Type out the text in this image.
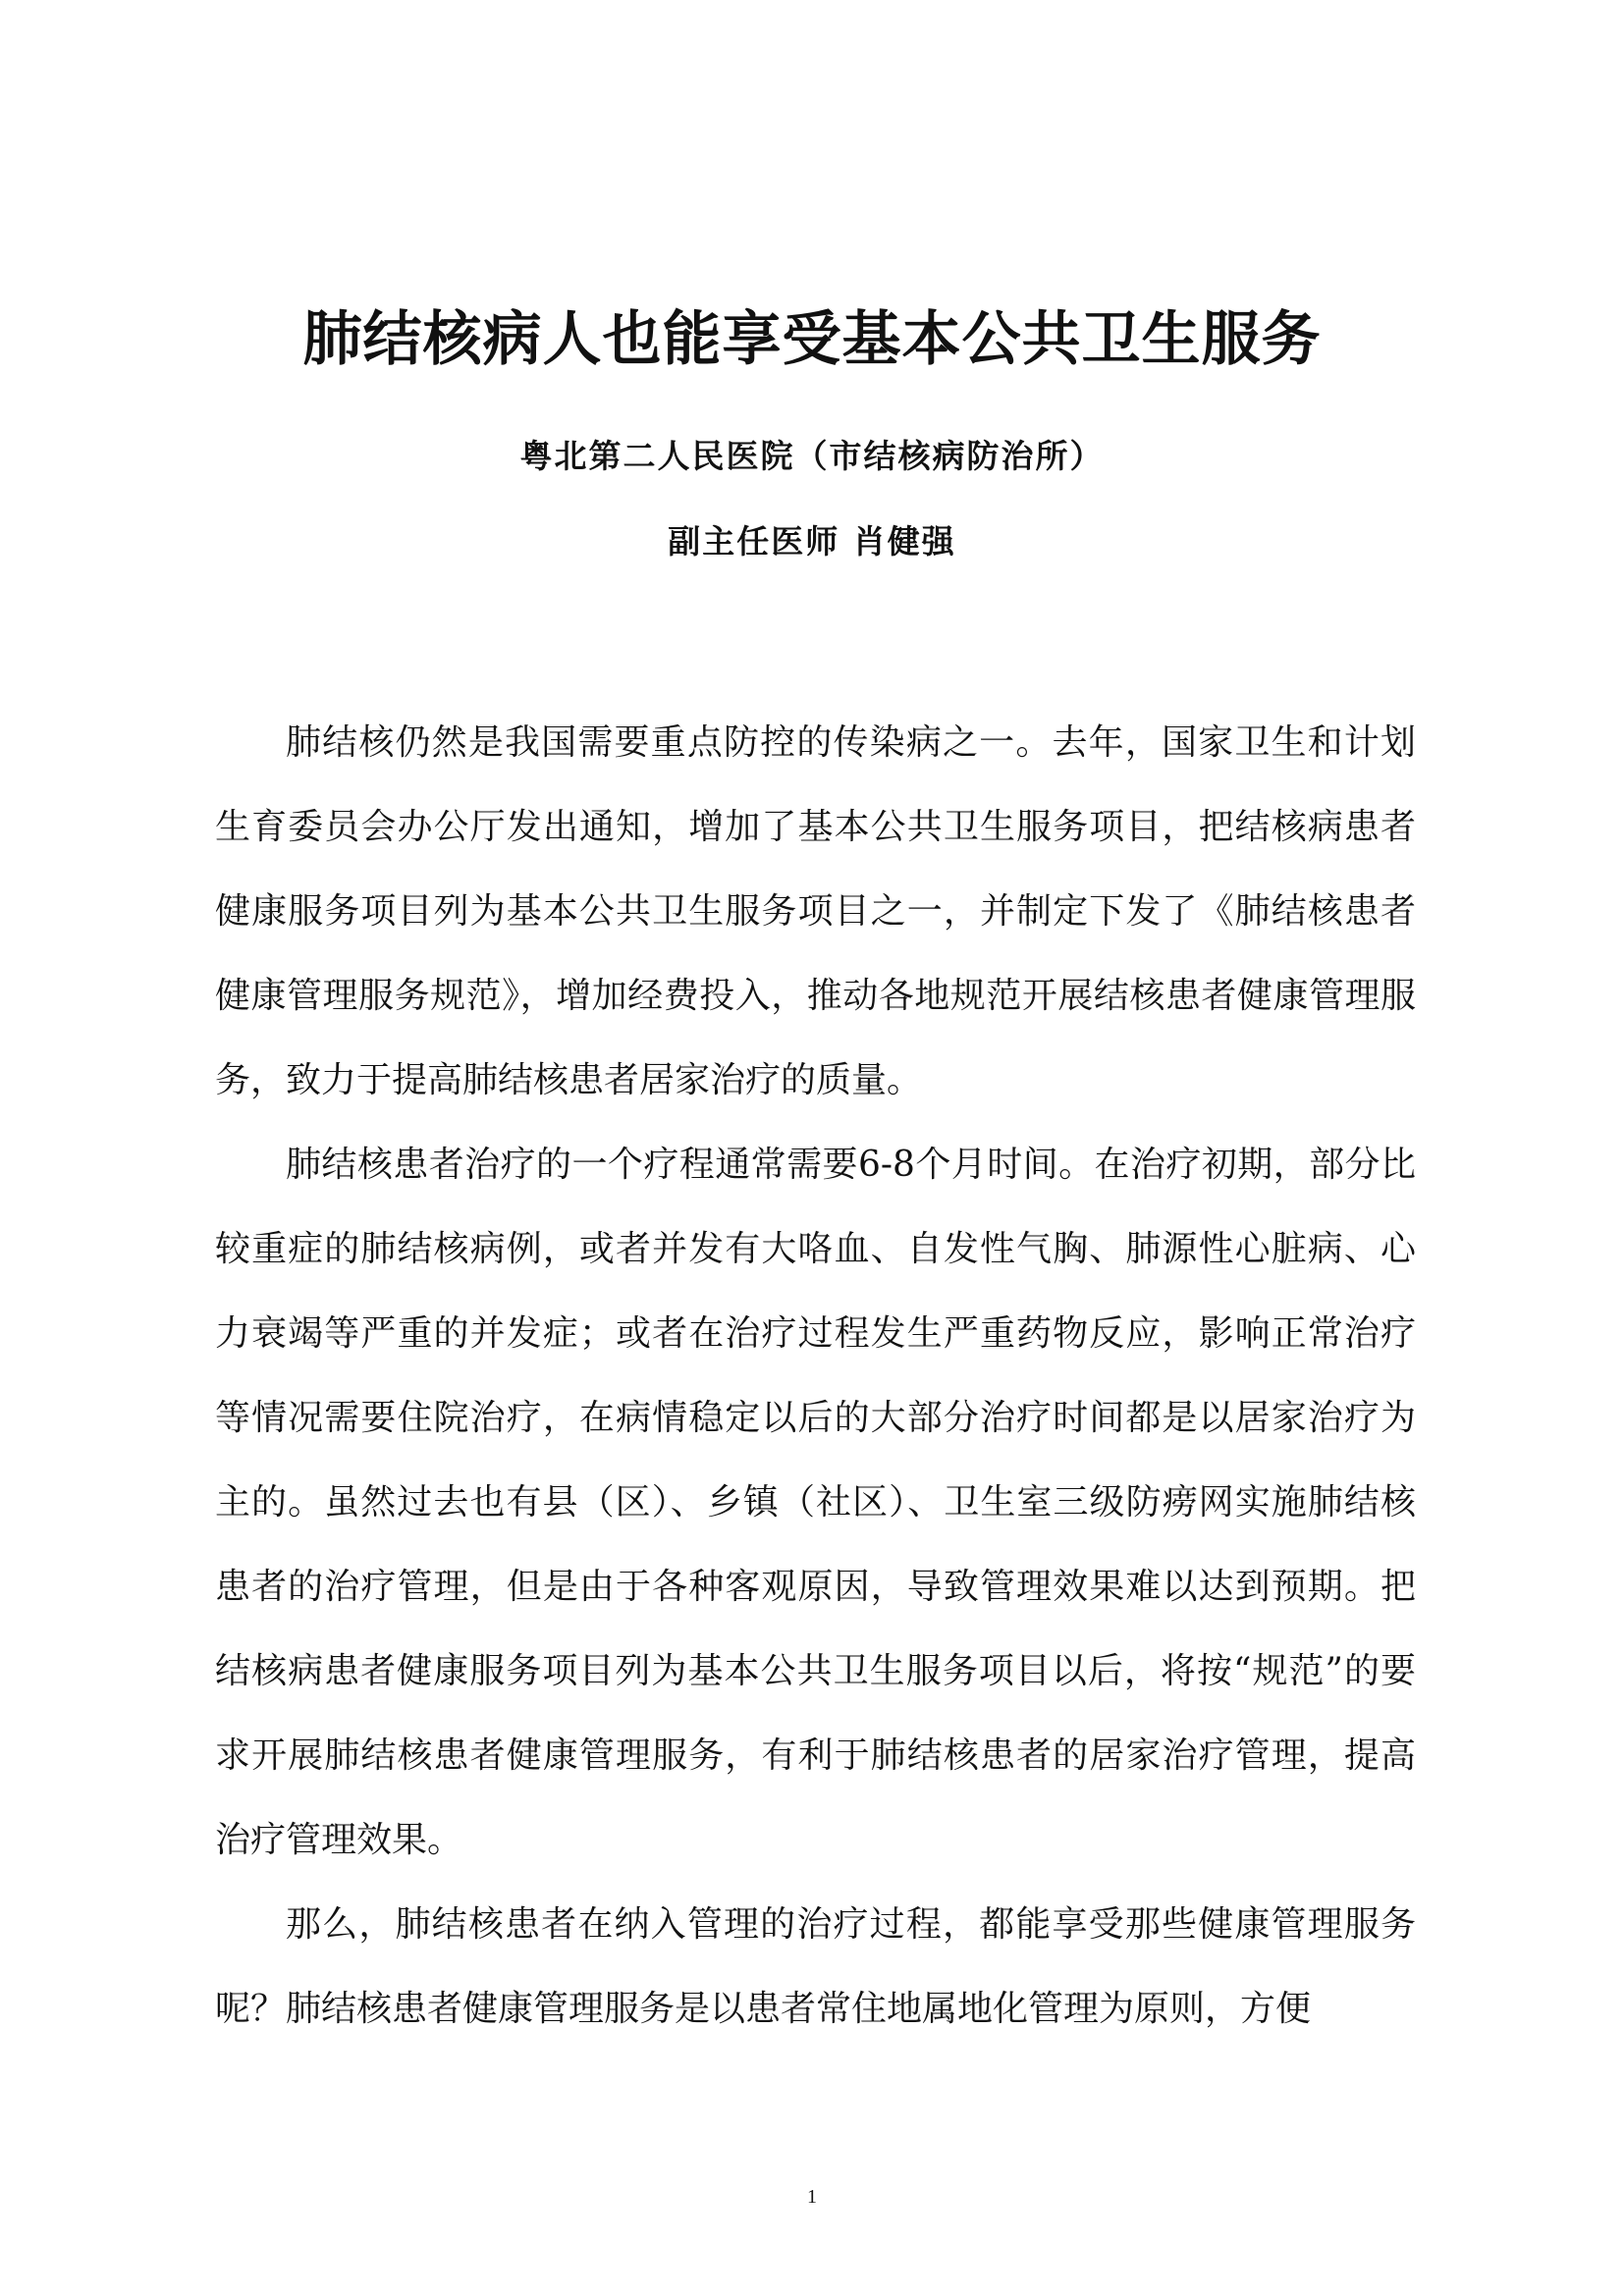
肺结核病人也能享受基本公共卫生服务
粤北第二人民医院（市结核病防治所）
副主任医师 肖健强

肺结核仍然是我国需要重点防控的传染病之一。去年，国家卫生和计划生育委员会办公厅发出通知，增加了基本公共卫生服务项目，把结核病患者健康服务项目列为基本公共卫生服务项目之一，并制定下发了《肺结核患者健康管理服务规范》，增加经费投入，推动各地规范开展结核患者健康管理服务，致力于提高肺结核患者居家治疗的质量。

肺结核患者治疗的一个疗程通常需要6-8个月时间。在治疗初期，部分比较重症的肺结核病例，或者并发有大咯血、自发性气胸、肺源性心脏病、心力衰竭等严重的并发症；或者在治疗过程发生严重药物反应，影响正常治疗等情况需要住院治疗，在病情稳定以后的大部分治疗时间都是以居家治疗为主的。虽然过去也有县（区）、乡镇（社区）、卫生室三级防痨网实施肺结核患者的治疗管理，但是由于各种客观原因，导致管理效果难以达到预期。把结核病患者健康服务项目列为基本公共卫生服务项目以后，将按“规范”的要求开展肺结核患者健康管理服务，有利于肺结核患者的居家治疗管理，提高治疗管理效果。

那么，肺结核患者在纳入管理的治疗过程，都能享受那些健康管理服务呢？肺结核患者健康管理服务是以患者常住地属地化管理为原则，方便

1
